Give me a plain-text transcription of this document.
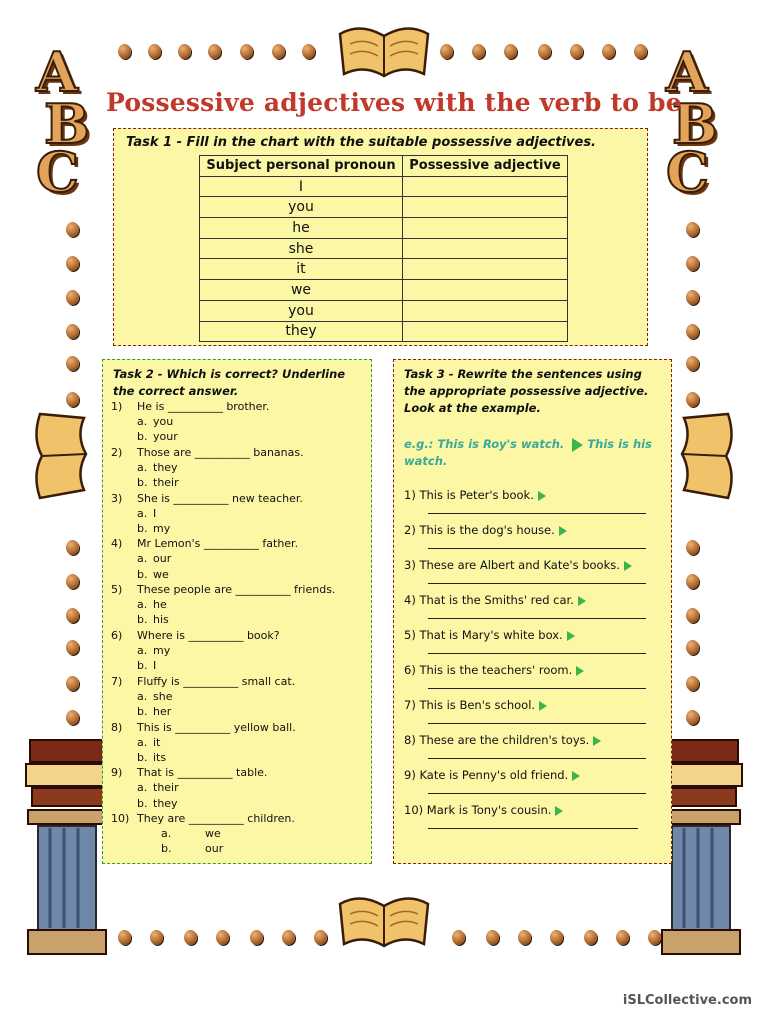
A
B
C
A
B
C
Possessive adjectives with the verb to be
Task 1 - Fill in the chart with the suitable possessive adjectives.
Subject personal pronoun	Possessive adjective
I	
you	
he	
she	
it	
we	
you	
they	
Task 2 - Which is correct? Underline
the correct answer.
1) He is __________ brother.
a. you
b. your
2) Those are __________ bananas.
a. they
b. their
3) She is __________ new teacher.
a. I
b. my
4) Mr Lemon's __________ father.
a. our
b. we
5) These people are __________ friends.
a. he
b. his
6) Where is __________ book?
a. my
b. I
7) Fluffy is __________ small cat.
a. she
b. her
8) This is __________ yellow ball.
a. it
b. its
9) That is __________ table.
a. their
b. they
10) They are __________ children.
a.	we
b.	our
Task 3 - Rewrite the sentences using
the appropriate possessive adjective.
Look at the example.
e.g.: This is Roy's watch. This is his watch.
1) This is Peter's book.
2) This is the dog's house.
3) These are Albert and Kate's books.
4) That is the Smiths' red car.
5) That is Mary's white box.
6) This is the teachers' room.
7) This is Ben's school.
8) These are the children's toys.
9) Kate is Penny's old friend.
10) Mark is Tony's cousin.
iSLCollective.com
